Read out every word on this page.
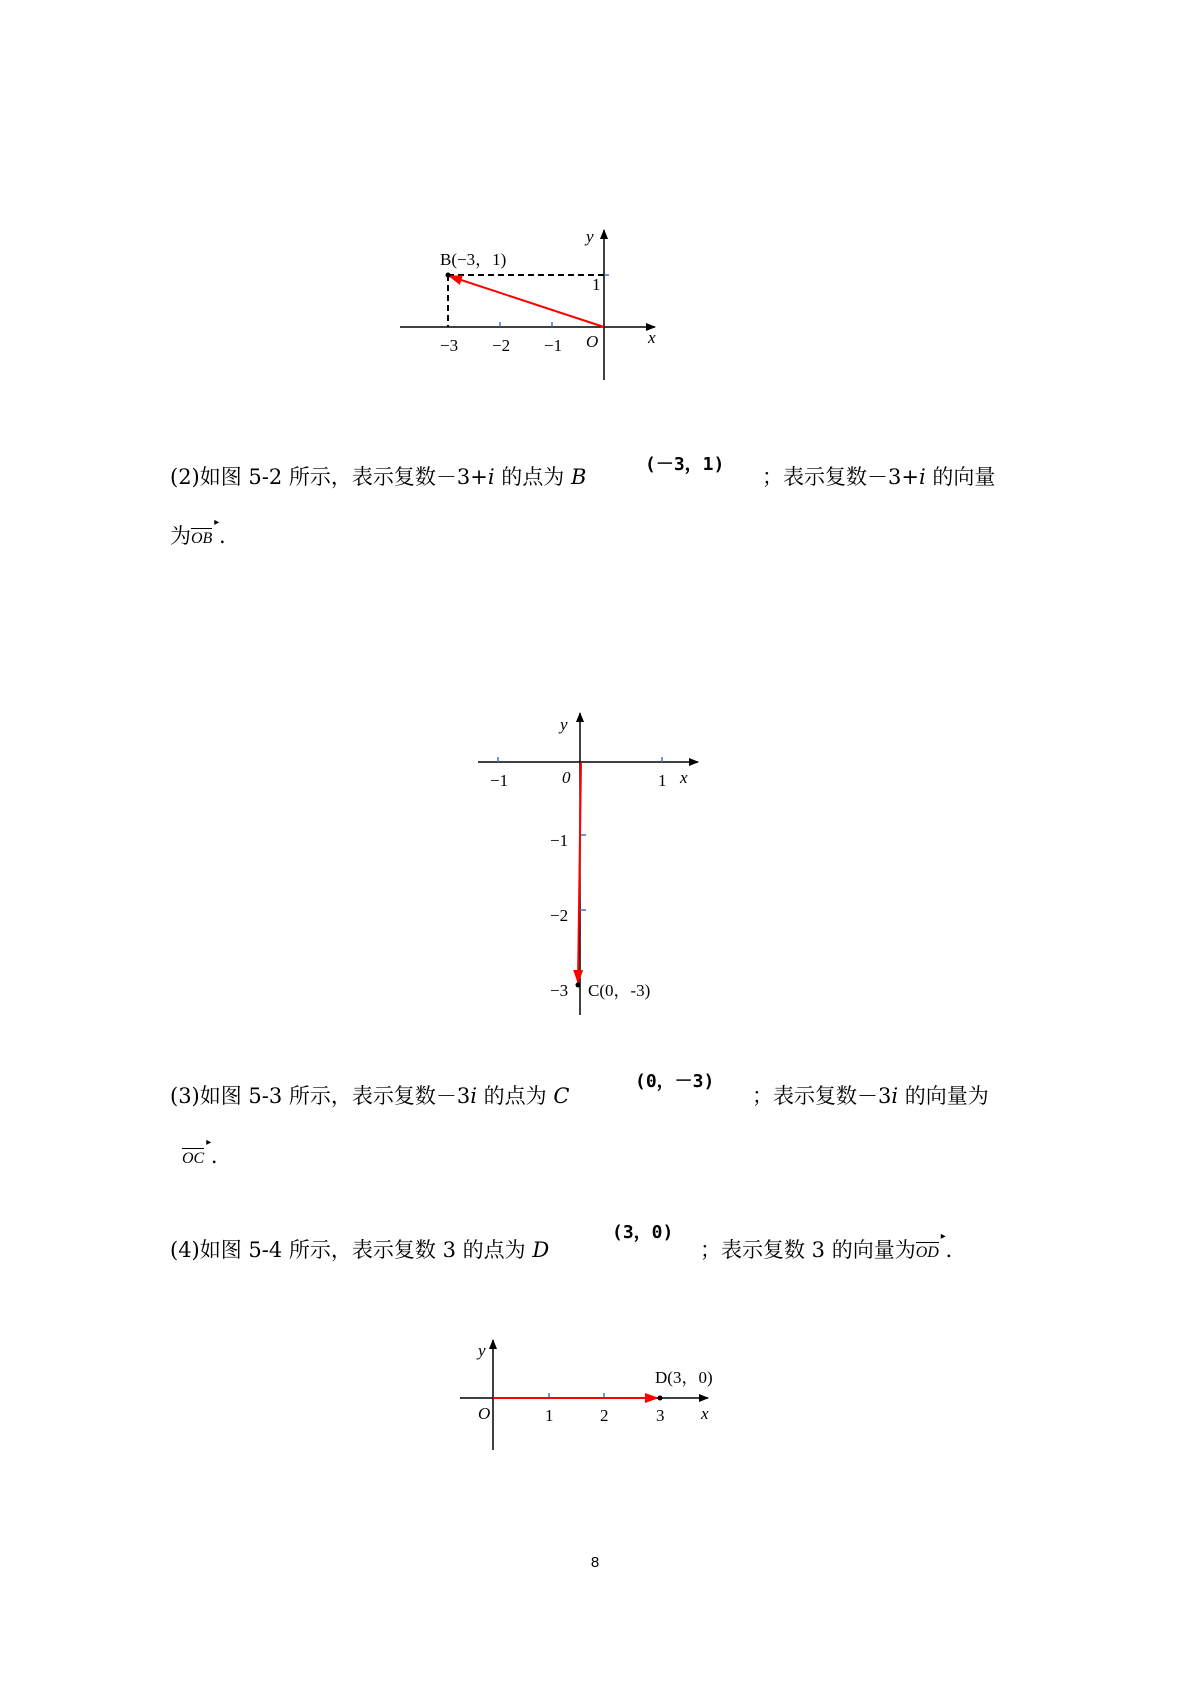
B(−3，1)
y
x
O
1
−3 −2 −1
(2)如图 5-2 所示，表示复数－3+i 的点为 B
(－3，1)
；表示复数－3+i 的向量
为OB ▸ .
y
x
0
−1	1
−1
−2
−3 C(0，-3)
(3)如图 5-3 所示，表示复数－3i 的点为 C
(0，－3)
；表示复数－3i 的向量为
OC ▸ .
(4)如图 5-4 所示，表示复数 3 的点为 D
(3，0)
；表示复数 3 的向量为OD ▸ .
y
x
O	1	2	3
D(3，0)
8
